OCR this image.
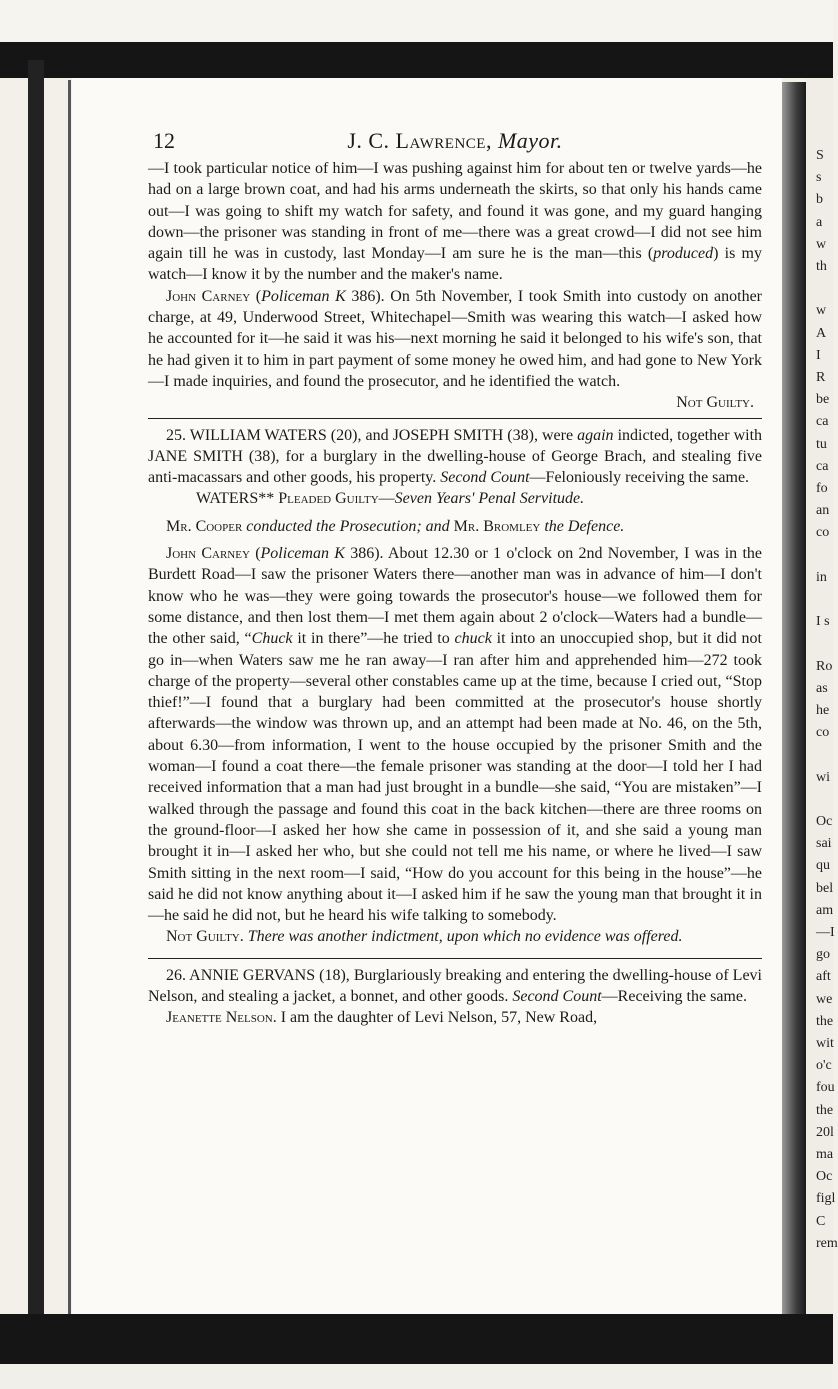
12	J. C. Lawrence, Mayor.

—I took particular notice of him—I was pushing against him for about ten or twelve yards—he had on a large brown coat, and had his arms underneath the skirts, so that only his hands came out—I was going to shift my watch for safety, and found it was gone, and my guard hanging down—the prisoner was standing in front of me—there was a great crowd—I did not see him again till he was in custody, last Monday—I am sure he is the man—this (produced) is my watch—I know it by the number and the maker's name.

John Carney (Policeman K 386). On 5th November, I took Smith into custody on another charge, at 49, Underwood Street, Whitechapel—Smith was wearing this watch—I asked how he accounted for it—he said it was his—next morning he said it belonged to his wife's son, that he had given it to him in part payment of some money he owed him, and had gone to New York—I made inquiries, and found the prosecutor, and he identified the watch.

Not Guilty.

25. WILLIAM WATERS (20), and JOSEPH SMITH (38), were again indicted, together with JANE SMITH (38), for a burglary in the dwelling-house of George Brach, and stealing five anti-macassars and other goods, his property. Second Count—Feloniously receiving the same.

WATERS** Pleaded Guilty—Seven Years' Penal Servitude.

Mr. Cooper conducted the Prosecution; and Mr. Bromley the Defence.

John Carney (Policeman K 386). About 12.30 or 1 o'clock on 2nd November, I was in the Burdett Road—I saw the prisoner Waters there—another man was in advance of him—I don't know who he was—they were going towards the prosecutor's house—we followed them for some distance, and then lost them—I met them again about 2 o'clock—Waters had a bundle—the other said, “Chuck it in there”—he tried to chuck it into an unoccupied shop, but it did not go in—when Waters saw me he ran away—I ran after him and apprehended him—272 took charge of the property—several other constables came up at the time, because I cried out, “Stop thief!”—I found that a burglary had been committed at the prosecutor's house shortly afterwards—the window was thrown up, and an attempt had been made at No. 46, on the 5th, about 6.30—from information, I went to the house occupied by the prisoner Smith and the woman—I found a coat there—the female prisoner was standing at the door—I told her I had received information that a man had just brought in a bundle—she said, “You are mistaken”—I walked through the passage and found this coat in the back kitchen—there are three rooms on the ground-floor—I asked her how she came in possession of it, and she said a young man brought it in—I asked her who, but she could not tell me his name, or where he lived—I saw Smith sitting in the next room—I said, “How do you account for this being in the house”—he said he did not know anything about it—I asked him if he saw the young man that brought it in—he said he did not, but he heard his wife talking to somebody.

Not Guilty. There was another indictment, upon which no evidence was offered.

26. ANNIE GERVANS (18), Burglariously breaking and entering the dwelling-house of Levi Nelson, and stealing a jacket, a bonnet, and other goods. Second Count—Receiving the same.

Jeanette Nelson. I am the daughter of Levi Nelson, 57, New Road,

S
s
b
a
w
th
w
A
I
R
be
ca
tu
ca
fo
an
co
in
I s
Ro
as
he
co
wi
Oc
sai
qu
bel
am
—I
go
aft
we
the
wit
o'c
fou
the
20l
ma
Oc
figl
C
rem
